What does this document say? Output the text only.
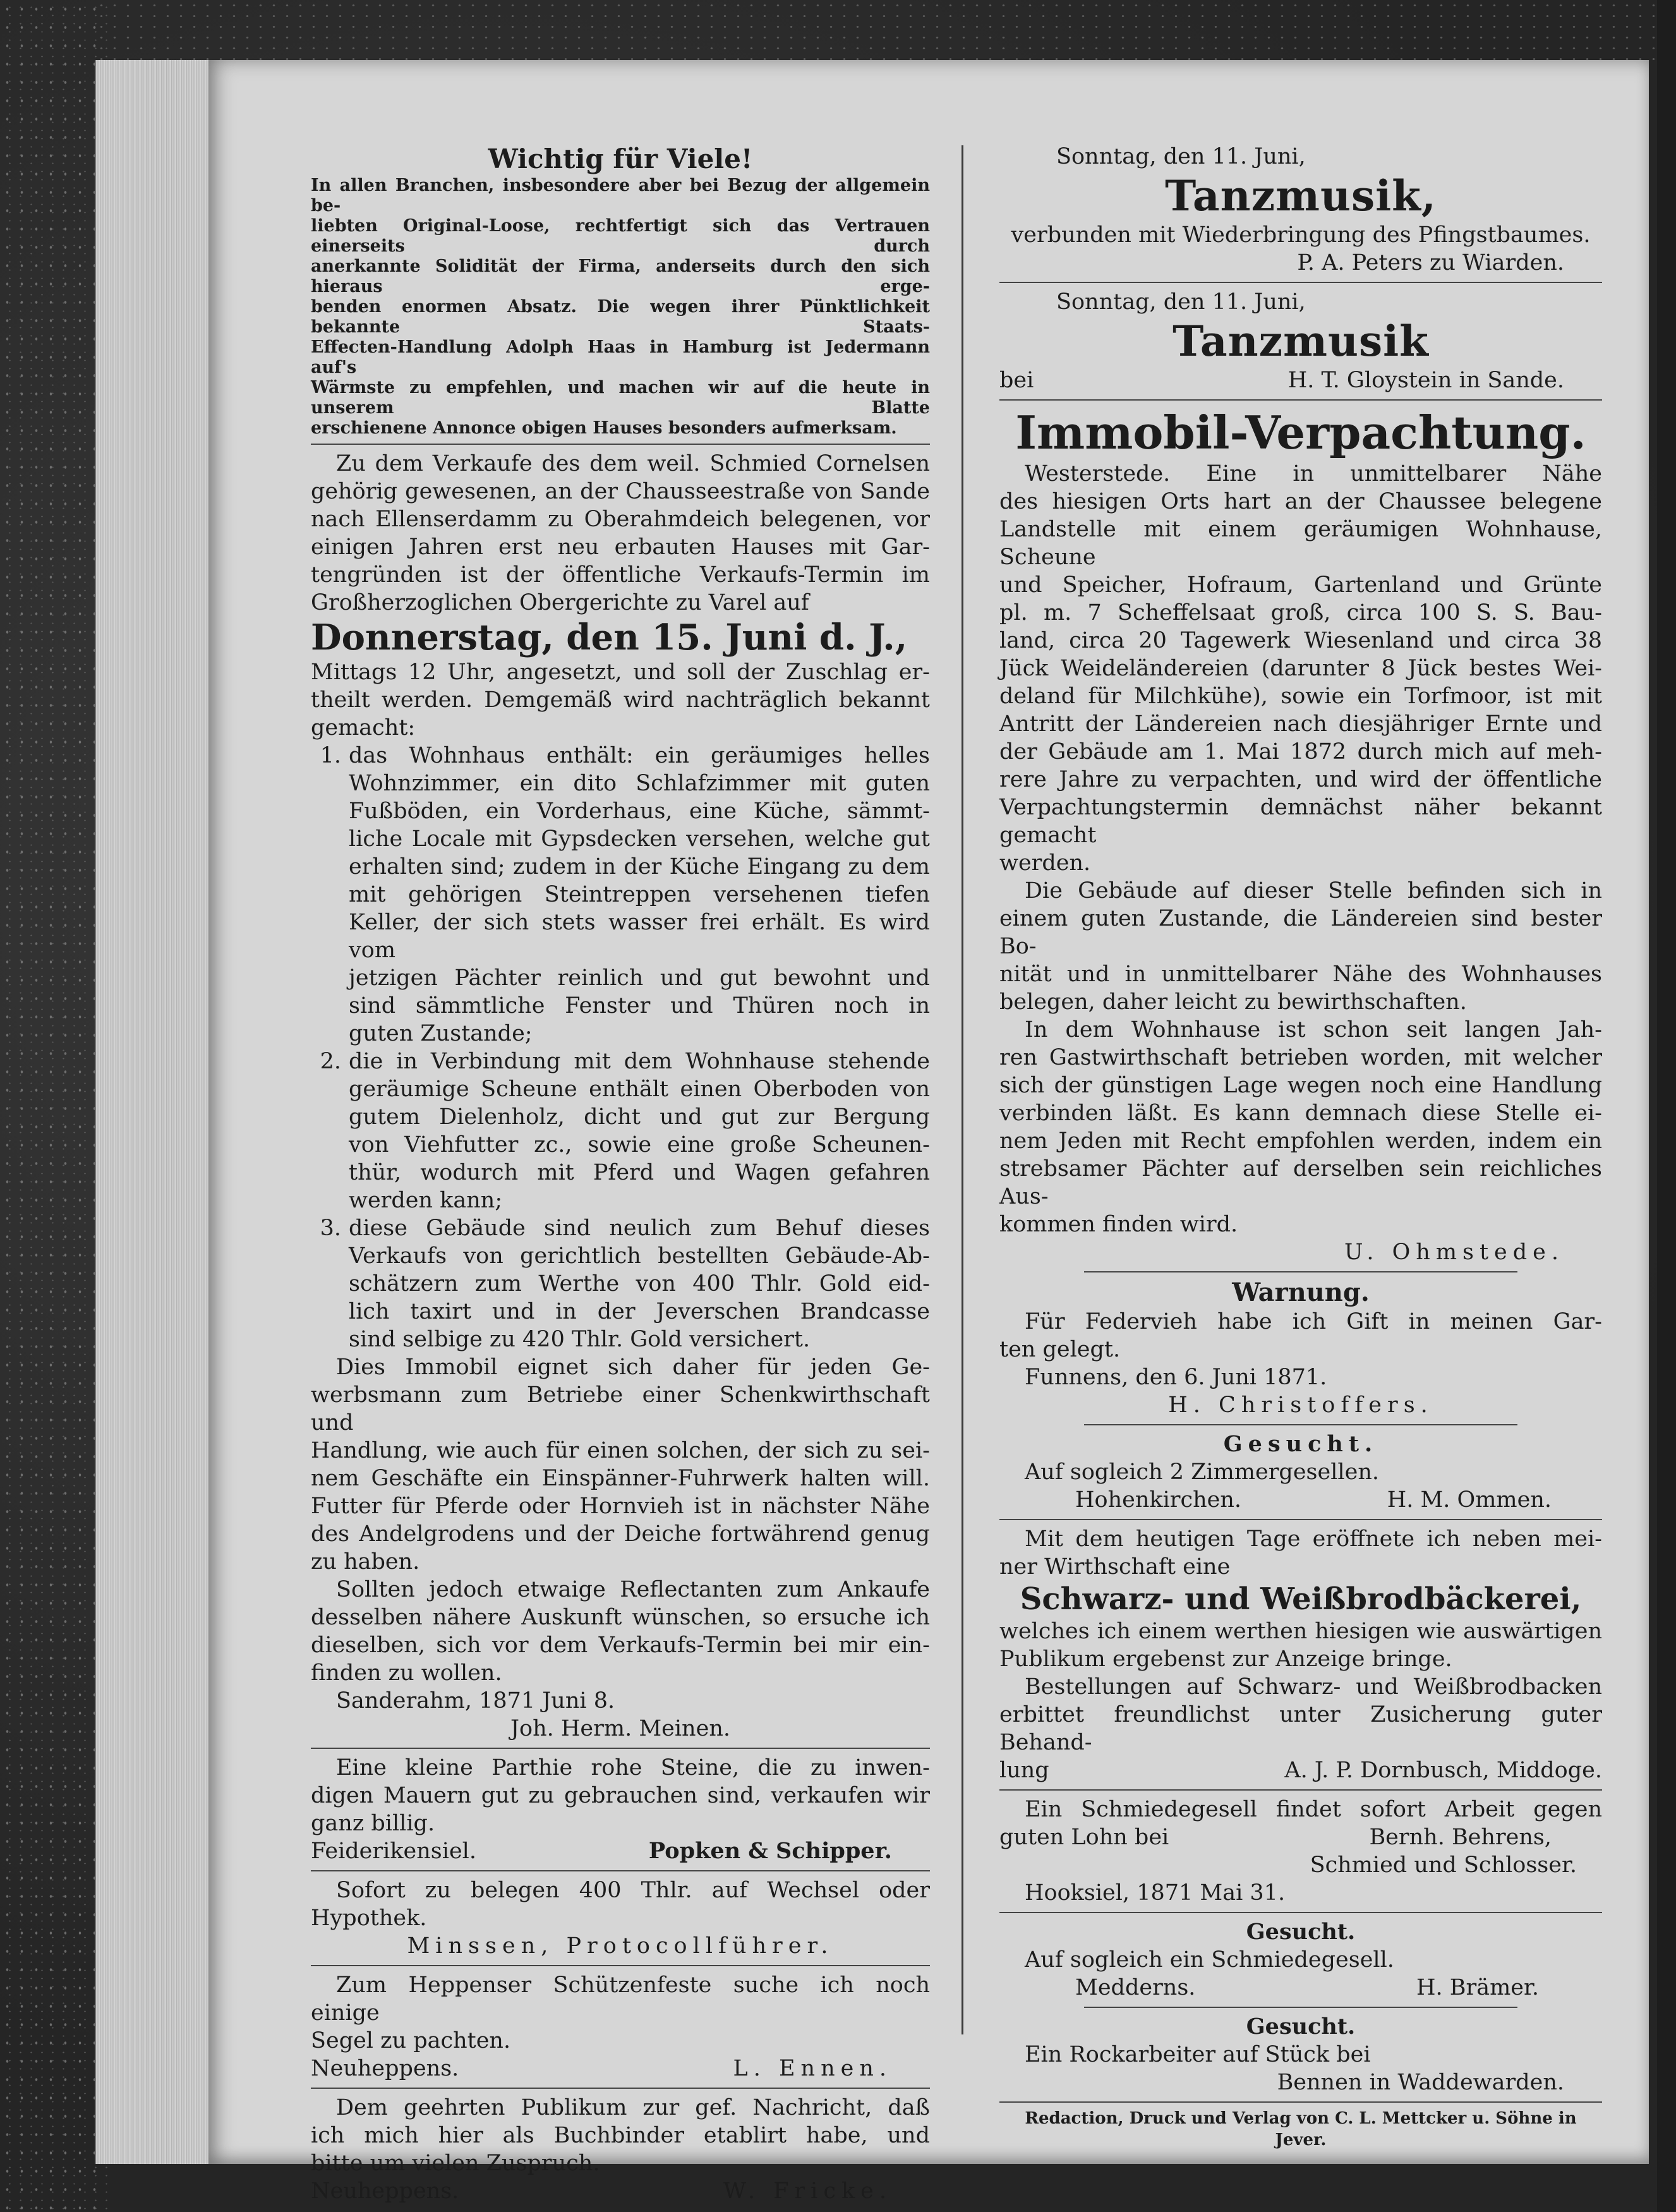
Wichtig für Viele!

In allen Branchen, insbesondere aber bei Bezug der allgemein be-

liebten Original-Loose, rechtfertigt sich das Vertrauen einerseits durch

anerkannte Solidität der Firma, anderseits durch den sich hieraus erge-

benden enormen Absatz. Die wegen ihrer Pünktlichkeit bekannte Staats-

Effecten-Handlung Adolph Haas in Hamburg ist Jedermann auf's

Wärmste zu empfehlen, und machen wir auf die heute in unserem Blatte

erschienene Annonce obigen Hauses besonders aufmerksam.

Zu dem Verkaufe des dem weil. Schmied Cornelsen

gehörig gewesenen, an der Chausseestraße von Sande

nach Ellenserdamm zu Oberahmdeich belegenen, vor

einigen Jahren erst neu erbauten Hauses mit Gar-

tengründen ist der öffentliche Verkaufs-Termin im

Großherzoglichen Obergerichte zu Varel auf

Donnerstag, den 15. Juni d. J.,

Mittags 12 Uhr, angesetzt, und soll der Zuschlag er-

theilt werden. Demgemäß wird nachträglich bekannt

gemacht:

1. das Wohnhaus enthält: ein geräumiges helles

Wohnzimmer, ein dito Schlafzimmer mit guten

Fußböden, ein Vorderhaus, eine Küche, sämmt-

liche Locale mit Gypsdecken versehen, welche gut

erhalten sind; zudem in der Küche Eingang zu dem

mit gehörigen Steintreppen versehenen tiefen

Keller, der sich stets wasser frei erhält. Es wird vom

jetzigen Pächter reinlich und gut bewohnt und

sind sämmtliche Fenster und Thüren noch in

guten Zustande;

2. die in Verbindung mit dem Wohnhause stehende

geräumige Scheune enthält einen Oberboden von

gutem Dielenholz, dicht und gut zur Bergung

von Viehfutter zc., sowie eine große Scheunen-

thür, wodurch mit Pferd und Wagen gefahren

werden kann;

3. diese Gebäude sind neulich zum Behuf dieses

Verkaufs von gerichtlich bestellten Gebäude-Ab-

schätzern zum Werthe von 400 Thlr. Gold eid-

lich taxirt und in der Jeverschen Brandcasse

sind selbige zu 420 Thlr. Gold versichert.

Dies Immobil eignet sich daher für jeden Ge-

werbsmann zum Betriebe einer Schenkwirthschaft und

Handlung, wie auch für einen solchen, der sich zu sei-

nem Geschäfte ein Einspänner-Fuhrwerk halten will.

Futter für Pferde oder Hornvieh ist in nächster Nähe

des Andelgrodens und der Deiche fortwährend genug

zu haben.

Sollten jedoch etwaige Reflectanten zum Ankaufe

desselben nähere Auskunft wünschen, so ersuche ich

dieselben, sich vor dem Verkaufs-Termin bei mir ein-

finden zu wollen.

Sanderahm, 1871 Juni 8.

Joh. Herm. Meinen.

Eine kleine Parthie rohe Steine, die zu inwen-

digen Mauern gut zu gebrauchen sind, verkaufen wir

ganz billig.

Feiderikensiel.	Popken & Schipper.

Sofort zu belegen 400 Thlr. auf Wechsel oder

Hypothek.

Minssen, Protocollführer.

Zum Heppenser Schützenfeste suche ich noch einige

Segel zu pachten.

Neuheppens.	L. Ennen.

Dem geehrten Publikum zur gef. Nachricht, daß

ich mich hier als Buchbinder etablirt habe, und

bitte um vielen Zuspruch.

Neuheppens.	W. Fricke.

Sonntag, den 11. Juni,

Tanzmusik,

verbunden mit Wiederbringung des Pfingstbaumes.

P. A. Peters zu Wiarden.

Sonntag, den 11. Juni,

Tanzmusik

bei	H. T. Gloystein in Sande.

Immobil-Verpachtung.

Westerstede. Eine in unmittelbarer Nähe

des hiesigen Orts hart an der Chaussee belegene

Landstelle mit einem geräumigen Wohnhause, Scheune

und Speicher, Hofraum, Gartenland und Grünte

pl. m. 7 Scheffelsaat groß, circa 100 S. S. Bau-

land, circa 20 Tagewerk Wiesenland und circa 38

Jück Weideländereien (darunter 8 Jück bestes Wei-

deland für Milchkühe), sowie ein Torfmoor, ist mit

Antritt der Ländereien nach diesjähriger Ernte und

der Gebäude am 1. Mai 1872 durch mich auf meh-

rere Jahre zu verpachten, und wird der öffentliche

Verpachtungstermin demnächst näher bekannt gemacht

werden.

Die Gebäude auf dieser Stelle befinden sich in

einem guten Zustande, die Ländereien sind bester Bo-

nität und in unmittelbarer Nähe des Wohnhauses

belegen, daher leicht zu bewirthschaften.

In dem Wohnhause ist schon seit langen Jah-

ren Gastwirthschaft betrieben worden, mit welcher

sich der günstigen Lage wegen noch eine Handlung

verbinden läßt. Es kann demnach diese Stelle ei-

nem Jeden mit Recht empfohlen werden, indem ein

strebsamer Pächter auf derselben sein reichliches Aus-

kommen finden wird.

U. Ohmstede.

Warnung.

Für Federvieh habe ich Gift in meinen Gar-

ten gelegt.

Funnens, den 6. Juni 1871.

H. Christoffers.

Gesucht.

Auf sogleich 2 Zimmergesellen.

Hohenkirchen.	H. M. Ommen.

Mit dem heutigen Tage eröffnete ich neben mei-

ner Wirthschaft eine

Schwarz- und Weißbrodbäckerei,

welches ich einem werthen hiesigen wie auswärtigen

Publikum ergebenst zur Anzeige bringe.

Bestellungen auf Schwarz- und Weißbrodbacken

erbittet freundlichst unter Zusicherung guter Behand-

lung	A. J. P. Dornbusch, Middoge.

Ein Schmiedegesell findet sofort Arbeit gegen

guten Lohn bei	Bernh. Behrens,

Schmied und Schlosser.

Hooksiel, 1871 Mai 31.

Gesucht.

Auf sogleich ein Schmiedegesell.

Medderns.	H. Brämer.

Gesucht.

Ein Rockarbeiter auf Stück bei

Bennen in Waddewarden.

Redaction, Druck und Verlag von C. L. Mettcker u. Söhne in Jever.
